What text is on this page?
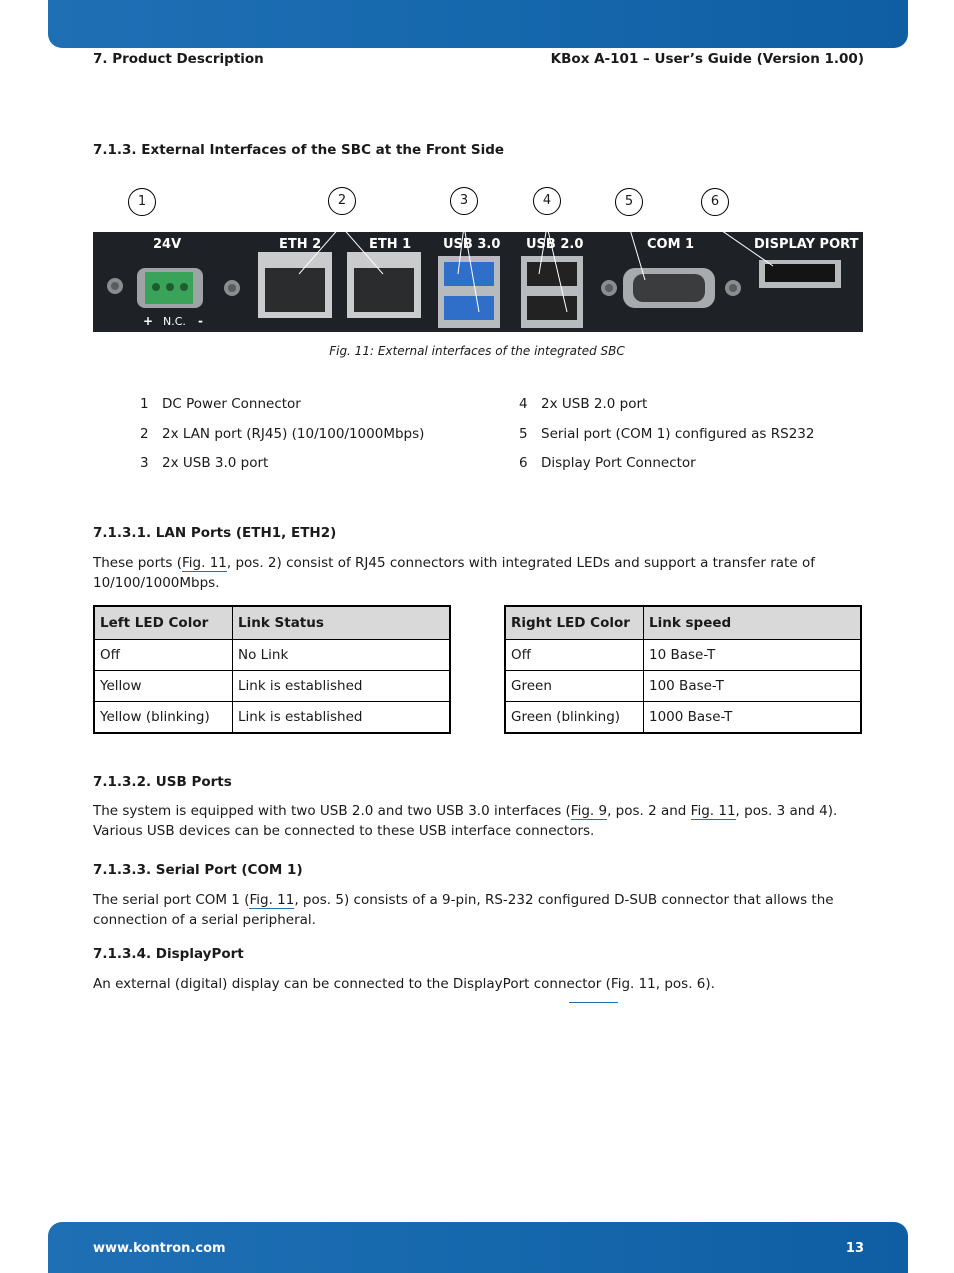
7. Product Description	KBox A-101 – User’s Guide (Version 1.00)
7.1.3. External Interfaces of the SBC at the Front Side
1	2	3	4	5	6
24V	ETH 2	ETH 1 USB 3.0 USB 2.0	COM 1	DISPLAY PORT
+ N.C. -
Fig. 11: External interfaces of the integrated SBC
1 DC Power Connector
2 2x LAN port (RJ45) (10/100/1000Mbps)
3 2x USB 3.0 port
4 2x USB 2.0 port
5 Serial port (COM 1) configured as RS232
6 Display Port Connector
7.1.3.1. LAN Ports (ETH1, ETH2)

These ports (Fig. 11, pos. 2) consist of RJ45 connectors with integrated LEDs and support a transfer rate of 10/100/1000Mbps.

Left LED Color	Link Status
Off	No Link
Yellow	Link is established
Yellow (blinking)	Link is established
Right LED Color	Link speed
Off	10 Base-T
Green	100 Base-T
Green (blinking)	1000 Base-T
7.1.3.2. USB Ports

The system is equipped with two USB 2.0 and two USB 3.0 interfaces (Fig. 9, pos. 2 and Fig. 11, pos. 3 and 4). Various USB devices can be connected to these USB interface connectors.

7.1.3.3. Serial Port (COM 1)

The serial port COM 1 (Fig. 11, pos. 5) consists of a 9-pin, RS-232 configured D-SUB connector that allows the connection of a serial peripheral.

7.1.3.4. DisplayPort

An external (digital) display can be connected to the DisplayPort connector (Fig. 11, pos. 6).

www.kontron.com	13
